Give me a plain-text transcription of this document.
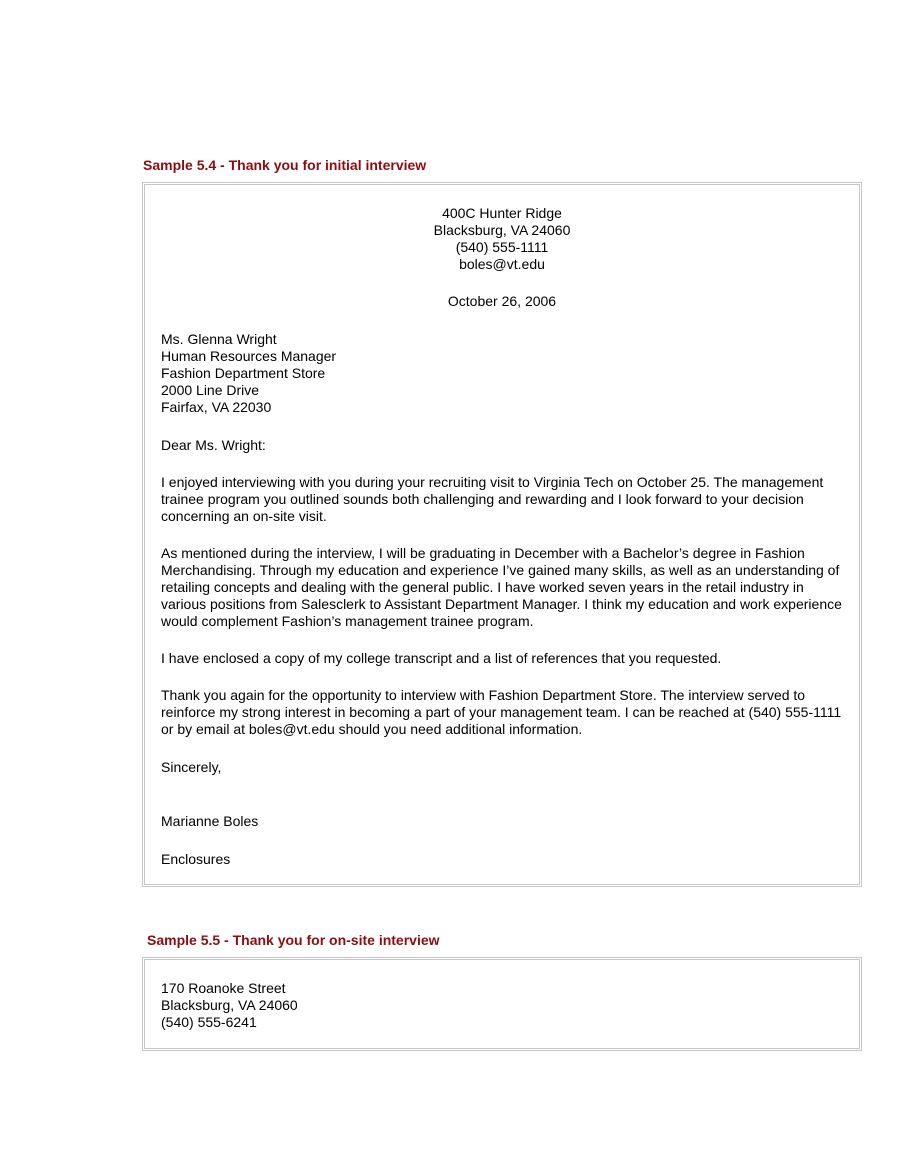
Sample 5.4 - Thank you for initial interview

400C Hunter Ridge

Blacksburg, VA 24060

(540) 555-1111

boles@vt.edu

October 26, 2006

Ms. Glenna Wright

Human Resources Manager

Fashion Department Store

2000 Line Drive

Fairfax, VA 22030

Dear Ms. Wright:

I enjoyed interviewing with you during your recruiting visit to Virginia Tech on October 25. The management trainee program you outlined sounds both challenging and rewarding and I look forward to your decision concerning an on-site visit.

As mentioned during the interview, I will be graduating in December with a Bachelor’s degree in Fashion Merchandising. Through my education and experience I’ve gained many skills, as well as an understanding of retailing concepts and dealing with the general public. I have worked seven years in the retail industry in various positions from Salesclerk to Assistant Department Manager. I think my education and work experience would complement Fashion’s management trainee program.

I have enclosed a copy of my college transcript and a list of references that you requested.

Thank you again for the opportunity to interview with Fashion Department Store. The interview served to reinforce my strong interest in becoming a part of your management team. I can be reached at (540) 555-1111 or by email at boles@vt.edu should you need additional information.

Sincerely,

Marianne Boles

Enclosures

Sample 5.5 - Thank you for on-site interview

170 Roanoke Street

Blacksburg, VA 24060

(540) 555-6241
